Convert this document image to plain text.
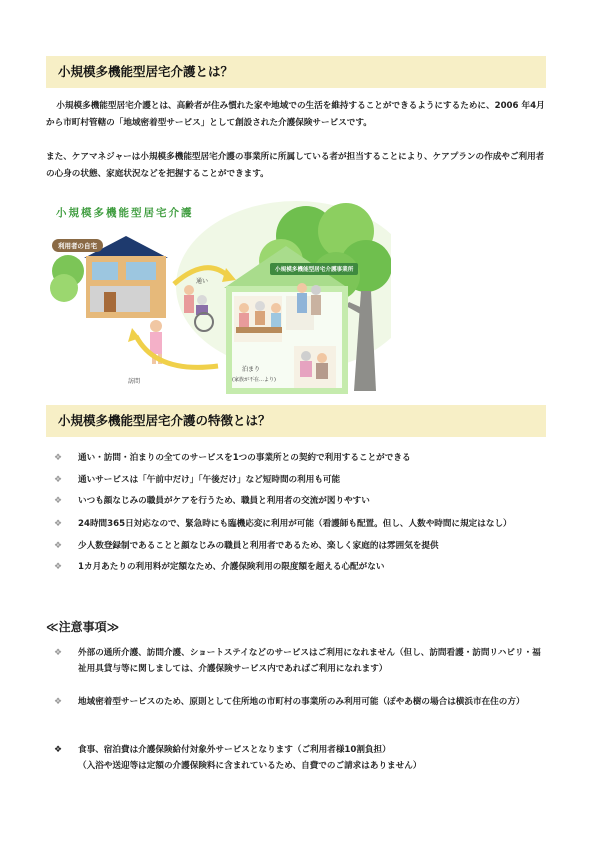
小規模多機能型居宅介護とは？
小規模多機能型居宅介護とは、高齢者が住み慣れた家や地域での生活を維持することができるようにするために、2006 年4月から市町村管轄の「地域密着型サービス」として創設された介護保険サービスです。
また、ケアマネジャーは小規模多機能型居宅介護の事業所に所属している者が担当することにより、ケアプランの作成やご利用者の心身の状態、家庭状況などを把握することができます。
小規模多機能型居宅介護
利用者の自宅
小規模多機能型居宅介護事業所
通い
訪問
泊まり
(家族が不在…より)
小規模多機能型居宅介護の特徴とは？
❖ 通い・訪問・泊まりの全てのサービスを1つの事業所との契約で利用することができる
❖ 通いサービスは「午前中だけ」「午後だけ」など短時間の利用も可能
❖ いつも顔なじみの職員がケアを行うため、職員と利用者の交流が図りやすい
❖ 24時間365日対応なので、緊急時にも臨機応変に利用が可能（看護師も配置。但し、人数や時間に規定はなし）
❖ 少人数登録制であることと顔なじみの職員と利用者であるため、楽しく家庭的は雰囲気を提供
❖ 1カ月あたりの利用料が定額なため、介護保険利用の限度額を超える心配がない
≪注意事項≫
❖ 外部の通所介護、訪問介護、ショートステイなどのサービスはご利用になれません（但し、訪問看護・訪問リハビリ・福祉用具貸与等に関しましては、介護保険サービス内であればご利用になれます）
❖ 地域密着型サービスのため、原則として住所地の市町村の事業所のみ利用可能（ぽやあ樹の場合は横浜市在住の方）
❖ 食事、宿泊費は介護保険給付対象外サービスとなります（ご利用者様10割負担）
（入浴や送迎等は定額の介護保険料に含まれているため、自費でのご請求はありません）
